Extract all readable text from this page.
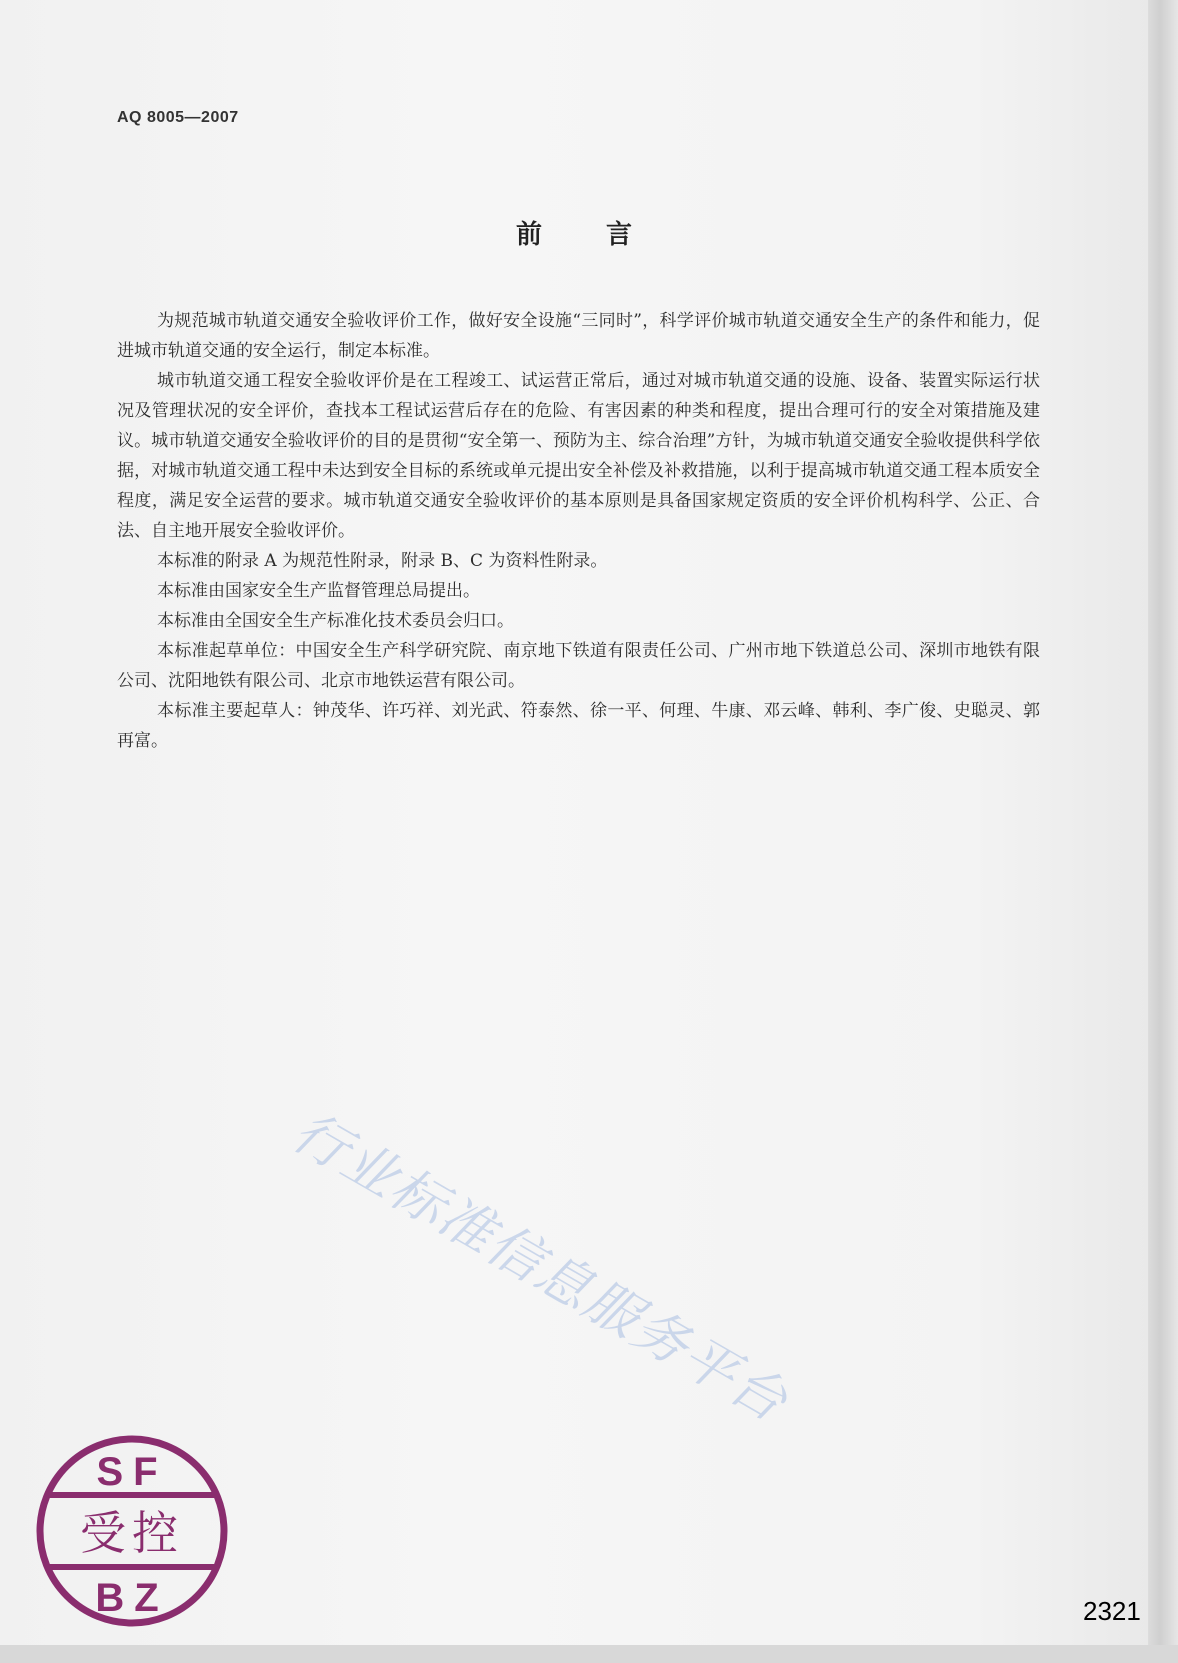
AQ 8005—2007
前言

为规范城市轨道交通安全验收评价工作，做好安全设施“三同时”，科学评价城市轨道交通安全生产的条件和能力，促进城市轨道交通的安全运行，制定本标准。

城市轨道交通工程安全验收评价是在工程竣工、试运营正常后，通过对城市轨道交通的设施、设备、装置实际运行状况及管理状况的安全评价，查找本工程试运营后存在的危险、有害因素的种类和程度，提出合理可行的安全对策措施及建议。城市轨道交通安全验收评价的目的是贯彻“安全第一、预防为主、综合治理”方针，为城市轨道交通安全验收提供科学依据，对城市轨道交通工程中未达到安全目标的系统或单元提出安全补偿及补救措施，以利于提高城市轨道交通工程本质安全程度，满足安全运营的要求。城市轨道交通安全验收评价的基本原则是具备国家规定资质的安全评价机构科学、公正、合法、自主地开展安全验收评价。

本标准的附录 A 为规范性附录，附录 B、C 为资料性附录。

本标准由国家安全生产监督管理总局提出。

本标准由全国安全生产标准化技术委员会归口。

本标准起草单位：中国安全生产科学研究院、南京地下铁道有限责任公司、广州市地下铁道总公司、深圳市地铁有限公司、沈阳地铁有限公司、北京市地铁运营有限公司。

本标准主要起草人：钟茂华、许巧祥、刘光武、符泰然、徐一平、何理、牛康、邓云峰、韩利、李广俊、史聪灵、郭再富。

行业标准信息服务平台
SF
受控
BZ	2321
